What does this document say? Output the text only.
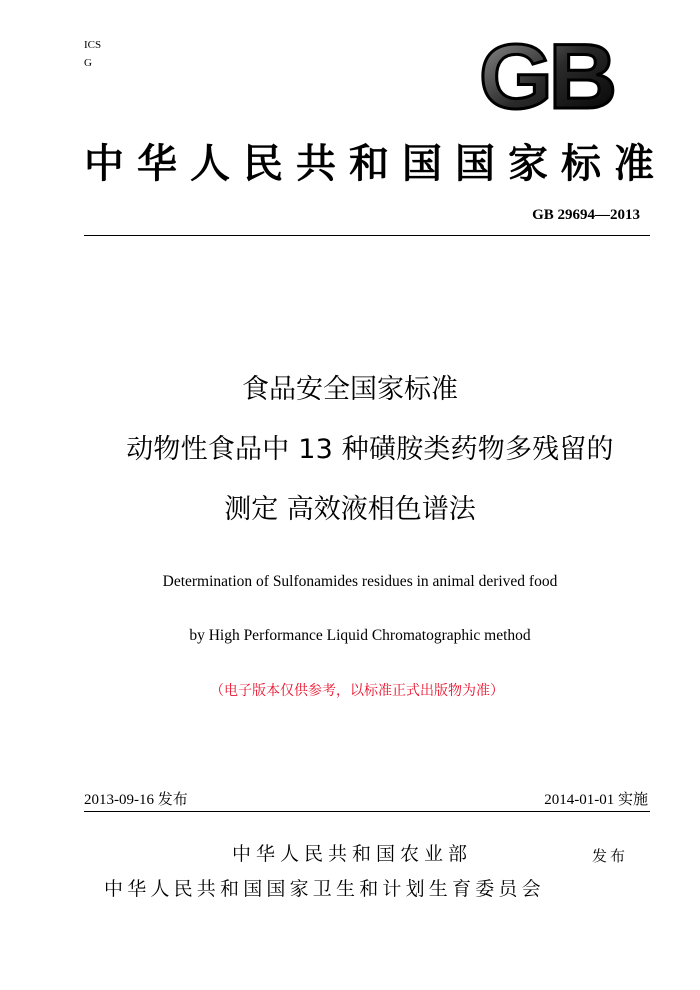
ICS
G	GB
中华人民共和国国家标准
GB 29694—2013
食品安全国家标准
动物性食品中 13 种磺胺类药物多残留的
测定 高效液相色谱法
Determination of Sulfonamides residues in animal derived food
by High Performance Liquid Chromatographic method
（电子版本仅供参考，以标准正式出版物为准）
2013-09-16 发布	2014-01-01 实施
中华人民共和国农业部	发布
中华人民共和国国家卫生和计划生育委员会
